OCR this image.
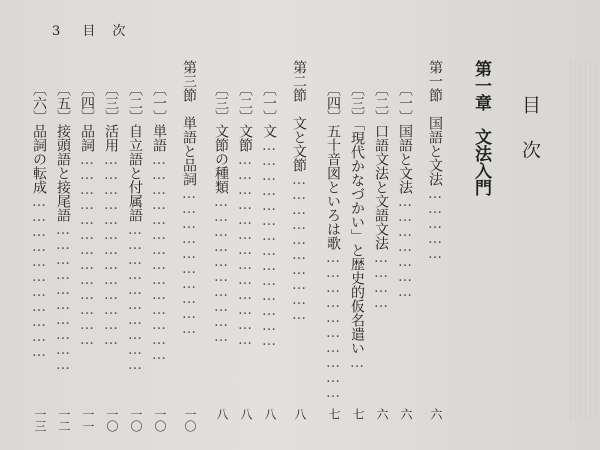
3 目　次
目次
第一章　文法入門
第一節　国語と文法……………
〔一〕国語と文法…………………
〔二〕口語文法と文語文法…………
〔三〕「現代かなづかい」と歴史的仮名遣い…
〔四〕五十音図といろは歌…………………………
第二節　文と文節…………………………
〔一〕文……………………………………
〔二〕文節…………………………………
〔三〕文節の種類…………………………
第三節　単語と品詞…………………………
〔一〕単語……………………………………
〔二〕自立語と付属語…………………………
〔三〕活用…………………………………
〔四〕品詞…………………………………
〔五〕接頭語と接尾語…………………………
〔六〕品詞の転成……………………………
六
六
六
七
七
八
八
八
八
一〇
一〇
一〇
一〇
一一
一二
一三
